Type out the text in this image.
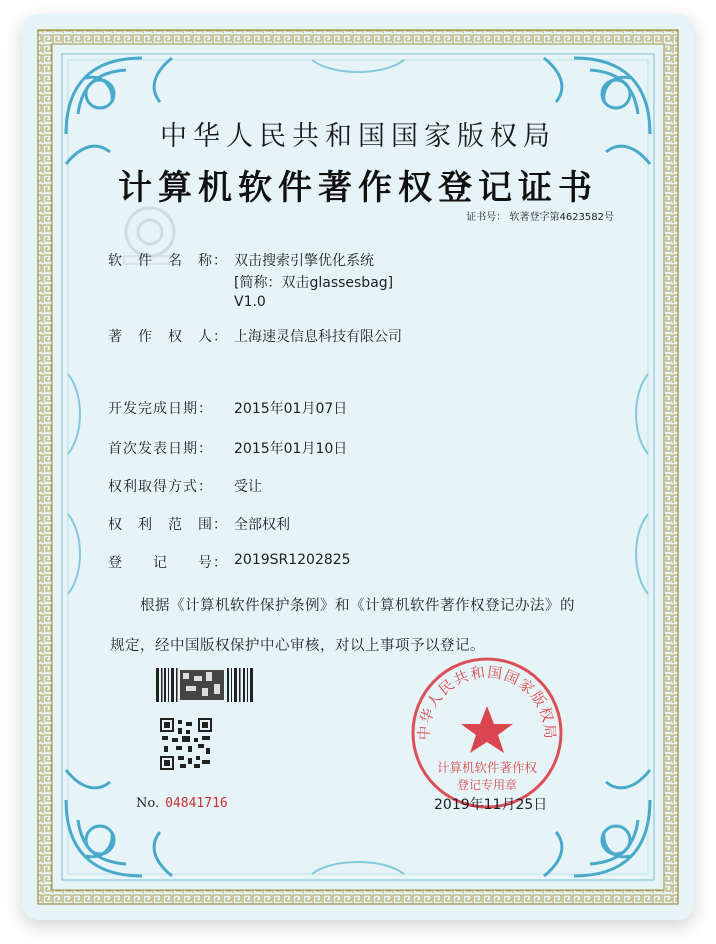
中华人民共和国国家版权局
计算机软件著作权登记证书
证书号： 软著登字第4623582号
软　件　名　称： 双击搜索引擎优化系统
[简称：双击glassesbag]
V1.0
著　作　权　人： 上海速灵信息科技有限公司
开发完成日期： 2015年01月07日
首次发表日期： 2015年01月10日
权利取得方式： 受让
权　利　范　围： 全部权利
登　　记　　号： 2019SR1202825
根据《计算机软件保护条例》和《计算机软件著作权登记办法》的
规定，经中国版权保护中心审核，对以上事项予以登记。
No. 04841716
中华人民共和国国家版权局
计算机软件著作权
登记专用章
2019年11月25日
